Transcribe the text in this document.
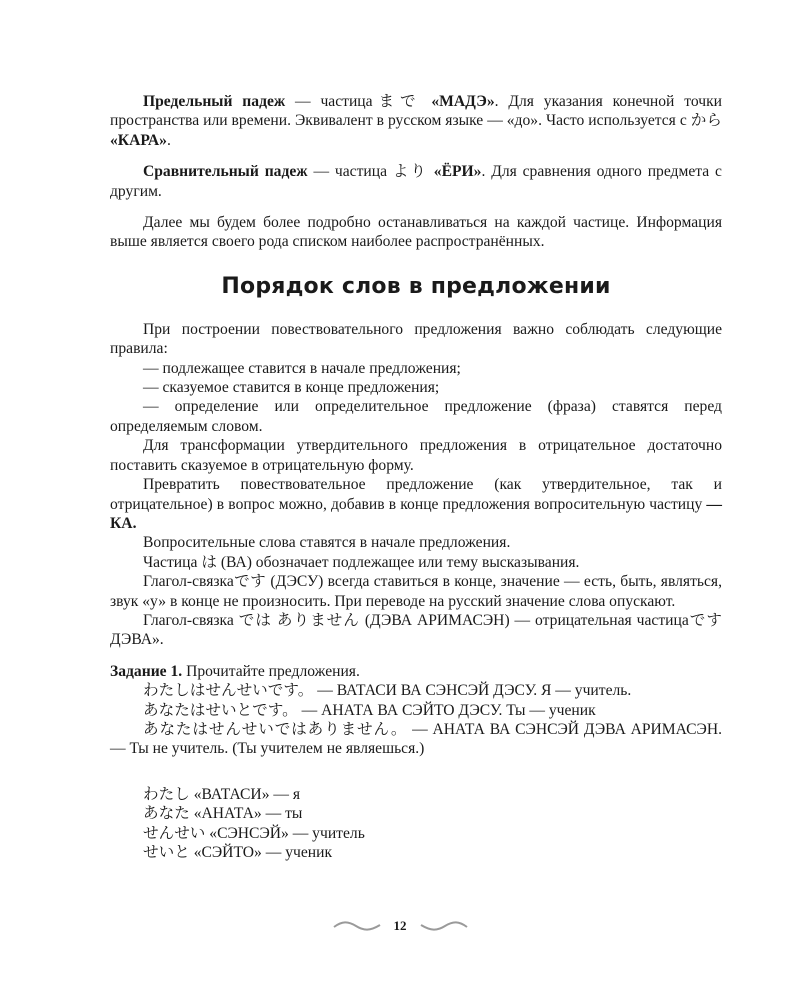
Предельный падеж — частицаまで «МАДЭ». Для указания конечной точки пространства или времени. Эквивалент в русском языке — «до». Часто используется с から «КАРА».

Сравнительный падеж — частица より «ЁРИ». Для сравнения одного предмета с другим.

Далее мы будем более подробно останавливаться на каждой частице. Информация выше является своего рода списком наиболее распространённых.

Порядок слов в предложении

При построении повествовательного предложения важно соблюдать следующие правила:

— подлежащее ставится в начале предложения;

— сказуемое ставится в конце предложения;

— определение или определительное предложение (фраза) ставятся перед определяемым словом.

Для трансформации утвердительного предложения в отрицательное достаточно поставить сказуемое в отрицательную форму.

Превратить повествовательное предложение (как утвердительное, так и отрицательное) в вопрос можно, добавив в конце предложения вопросительную частицу — КА.

Вопросительные слова ставятся в начале предложения.

Частица は (ВА) обозначает подлежащее или тему высказывания.

Глагол-связкаです (ДЭСУ) всегда ставиться в конце, значение — есть, быть, являться, звук «у» в конце не произносить. При переводе на русский значение слова опускают.

Глагол-связка では ありません (ДЭВА АРИМАСЭН) — отрицательная частицаですДЭВА».

Задание 1. Прочитайте предложения.

わたしはせんせいです。 — ВАТАСИ ВА СЭНСЭЙ ДЭСУ. Я — учитель.

あなたはせいとです。 — АНАТА ВА СЭЙТО ДЭСУ. Ты — ученик

あなたはせんせいではありません。 — АНАТА ВА СЭНСЭЙ ДЭВА АРИМАСЭН. — Ты не учитель. (Ты учителем не являешься.)

わたし «ВАТАСИ» — я
あなた «АНАТА» — ты
せんせい «СЭНСЭЙ» — учитель
せいと «СЭЙТО» — ученик

12
